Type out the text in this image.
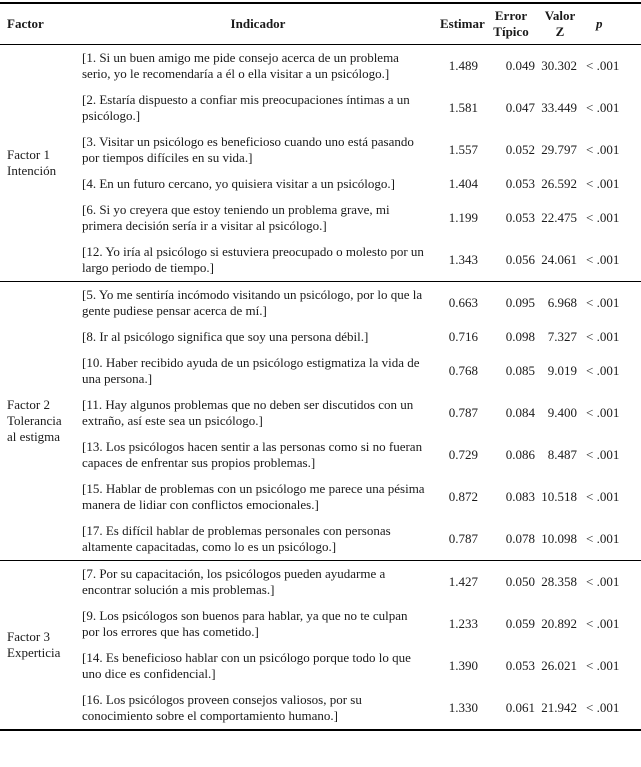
Factor	Indicador	Estimar	Error Típico	Valor Z	p
Factor 1 Intención	[1. Si un buen amigo me pide consejo acerca de un problema serio, yo le recomendaría a él o ella visitar a un psicólogo.]	1.489	0.049	30.302	< .001
	[2. Estaría dispuesto a confiar mis preocupaciones íntimas a un psicólogo.]	1.581	0.047	33.449	< .001
	[3. Visitar un psicólogo es beneficioso cuando uno está pasando por tiempos difíciles en su vida.]	1.557	0.052	29.797	< .001
	[4. En un futuro cercano, yo quisiera visitar a un psicólogo.]	1.404	0.053	26.592	< .001
	[6. Si yo creyera que estoy teniendo un problema grave, mi primera decisión sería ir a visitar al psicólogo.]	1.199	0.053	22.475	< .001
	[12. Yo iría al psicólogo si estuviera preocupado o molesto por un largo periodo de tiempo.]	1.343	0.056	24.061	< .001
Factor 2 Tolerancia al estigma	[5. Yo me sentiría incómodo visitando un psicólogo, por lo que la gente pudiese pensar acerca de mí.]	0.663	0.095	6.968	< .001
	[8. Ir al psicólogo significa que soy una persona débil.]	0.716	0.098	7.327	< .001
	[10. Haber recibido ayuda de un psicólogo estigmatiza la vida de una persona.]	0.768	0.085	9.019	< .001
	[11. Hay algunos problemas que no deben ser discutidos con un extraño, así este sea un psicólogo.]	0.787	0.084	9.400	< .001
	[13. Los psicólogos hacen sentir a las personas como si no fueran capaces de enfrentar sus propios problemas.]	0.729	0.086	8.487	< .001
	[15. Hablar de problemas con un psicólogo me parece una pésima manera de lidiar con conflictos emocionales.]	0.872	0.083	10.518	< .001
	[17. Es difícil hablar de problemas personales con personas altamente capacitadas, como lo es un psicólogo.]	0.787	0.078	10.098	< .001
Factor 3 Experticia	[7. Por su capacitación, los psicólogos pueden ayudarme a encontrar solución a mis problemas.]	1.427	0.050	28.358	< .001
	[9. Los psicólogos son buenos para hablar, ya que no te culpan por los errores que has cometido.]	1.233	0.059	20.892	< .001
	[14. Es beneficioso hablar con un psicólogo porque todo lo que uno dice es confidencial.]	1.390	0.053	26.021	< .001
	[16. Los psicólogos proveen consejos valiosos, por su conocimiento sobre el comportamiento humano.]	1.330	0.061	21.942	< .001
